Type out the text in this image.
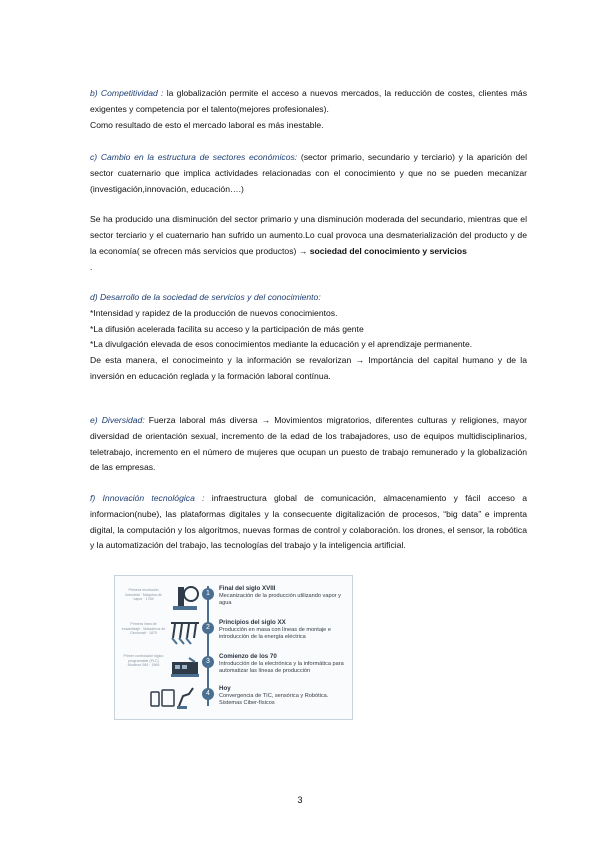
b) Competitividad : la globalización permite el acceso a nuevos mercados, la reducción de costes, clientes más exigentes y competencia por el talento(mejores profesionales).

Como resultado de esto el mercado laboral es más inestable.

c) Cambio en la estructura de sectores económicos: (sector primario, secundario y terciario) y la aparición del sector cuaternario que implica actividades relacionadas con el conocimiento y que no se pueden mecanizar (investigación,innovación, educación….)

Se ha producido una disminución del sector primario y una disminución moderada del secundario, mientras que el sector terciario y el cuaternario han sufrido un aumento.Lo cual provoca una desmaterialización del producto y de la economía( se ofrecen más servicios que productos) → sociedad del conocimiento y servicios

.

d) Desarrollo de la sociedad de servicios y del conocimiento:

*Intensidad y rapidez de la producción de nuevos conocimientos.

*La difusión acelerada facilita su acceso y la participación de más gente

*La divulgación elevada de esos conocimientos mediante la educación y el aprendizaje permanente.

De esta manera, el conocimeinto y la información se revalorizan → Importáncia del capital humano y de la inversión en educación reglada y la formación laboral contínua.

e) Diversidad: Fuerza laboral más diversa → Movimientos migratorios, diferentes culturas y religiones, mayor diversidad de orientación sexual, incremento de la edad de los trabajadores, uso de equipos multidisciplinarios, teletrabajo, incremento en el número de mujeres que ocupan un puesto de trabajo remunerado y la globalización de las empresas.

f) Innovación tecnológica : infraestructura global de comunicación, almacenamiento y fácil acceso a informacion(nube), las plataformas digitales y la consecuente digitalización de procesos, “big data” e imprenta digital, la computación y los algoritmos, nuevas formas de control y colaboración. los drones, el sensor, la robótica y la automatización del trabajo, las tecnologías del trabajo y la inteligencia artificial.

Primera revolución industrial · Máquina de vapor · 1784
1
Final del siglo XVIII
Mecanización de la producción utilizando vapor y agua
Primera línea de ensamblaje · Mataderos de Cincinnati · 1870
2
Principios del siglo XX
Producción en masa con líneas de montaje e introducción de la energía eléctrica
Primer controlador lógico programable (PLC) Modicon 084 · 1969
3
Comienzo de los 70
Introducción de la electrónica y la informática para automatizar las líneas de producción
4
Hoy
Convergencia de TIC, sensórica y Robótica. Sistemas Ciber-físicos
3
